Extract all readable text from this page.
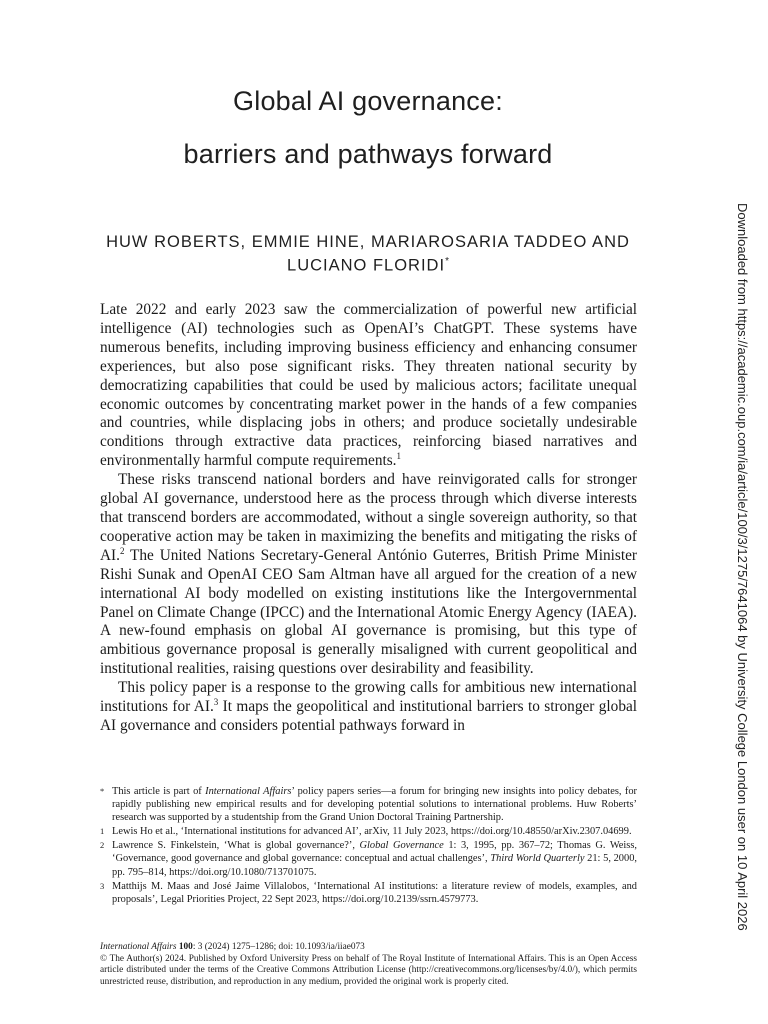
Global AI governance:
barriers and pathways forward
HUW ROBERTS, EMMIE HINE, MARIAROSARIA TADDEO AND
LUCIANO FLORIDI*

Late 2022 and early 2023 saw the commercialization of powerful new artificial intelligence (AI) technologies such as OpenAI’s ChatGPT. These systems have numerous benefits, including improving business efficiency and enhancing consumer experiences, but also pose significant risks. They threaten national security by democratizing capabilities that could be used by malicious actors; facilitate unequal economic outcomes by concentrating market power in the hands of a few companies and countries, while displacing jobs in others; and produce societally undesirable conditions through extractive data practices, reinforcing biased narratives and environmentally harmful compute requirements.$^1$

These risks transcend national borders and have reinvigorated calls for stronger global AI governance, understood here as the process through which diverse interests that transcend borders are accommodated, without a single sovereign authority, so that cooperative action may be taken in maximizing the benefits and mitigating the risks of AI.$^2$ The United Nations Secretary-General António Guterres, British Prime Minister Rishi Sunak and OpenAI CEO Sam Altman have all argued for the creation of a new international AI body modelled on existing institutions like the Intergovernmental Panel on Climate Change (IPCC) and the International Atomic Energy Agency (IAEA). A new-found emphasis on global AI governance is promising, but this type of ambitious governance proposal is generally misaligned with current geopolitical and institutional realities, raising questions over desirability and feasibility.

This policy paper is a response to the growing calls for ambitious new international institutions for AI.$^3$ It maps the geopolitical and institutional barriers to stronger global AI governance and considers potential pathways forward in

* This article is part of International Affairs’ policy papers series—a forum for bringing new insights into policy debates, for rapidly publishing new empirical results and for developing potential solutions to international problems. Huw Roberts’ research was supported by a studentship from the Grand Union Doctoral Training Partnership.
1 Lewis Ho et al., ‘International institutions for advanced AI’, arXiv, 11 July 2023, https://doi.org/10.48550/arXiv.2307.04699.
2 Lawrence S. Finkelstein, ‘What is global governance?’, Global Governance 1: 3, 1995, pp. 367–72; Thomas G. Weiss, ‘Governance, good governance and global governance: conceptual and actual challenges’, Third World Quarterly 21: 5, 2000, pp. 795–814, https://doi.org/10.1080/713701075.
3 Matthijs M. Maas and José Jaime Villalobos, ‘International AI institutions: a literature review of models, examples, and proposals’, Legal Priorities Project, 22 Sept 2023, https://doi.org/10.2139/ssrn.4579773.

International Affairs 100: 3 (2024) 1275–1286; doi: 10.1093/ia/iiae073

© The Author(s) 2024. Published by Oxford University Press on behalf of The Royal Institute of International Affairs. This is an Open Access article distributed under the terms of the Creative Commons Attribution License (http://creativecommons.org/licenses/by/4.0/), which permits unrestricted reuse, distribution, and reproduction in any medium, provided the original work is properly cited.

Downloaded from https://academic.oup.com/ia/article/100/3/1275/7641064 by University College London user on 10 April 2026
